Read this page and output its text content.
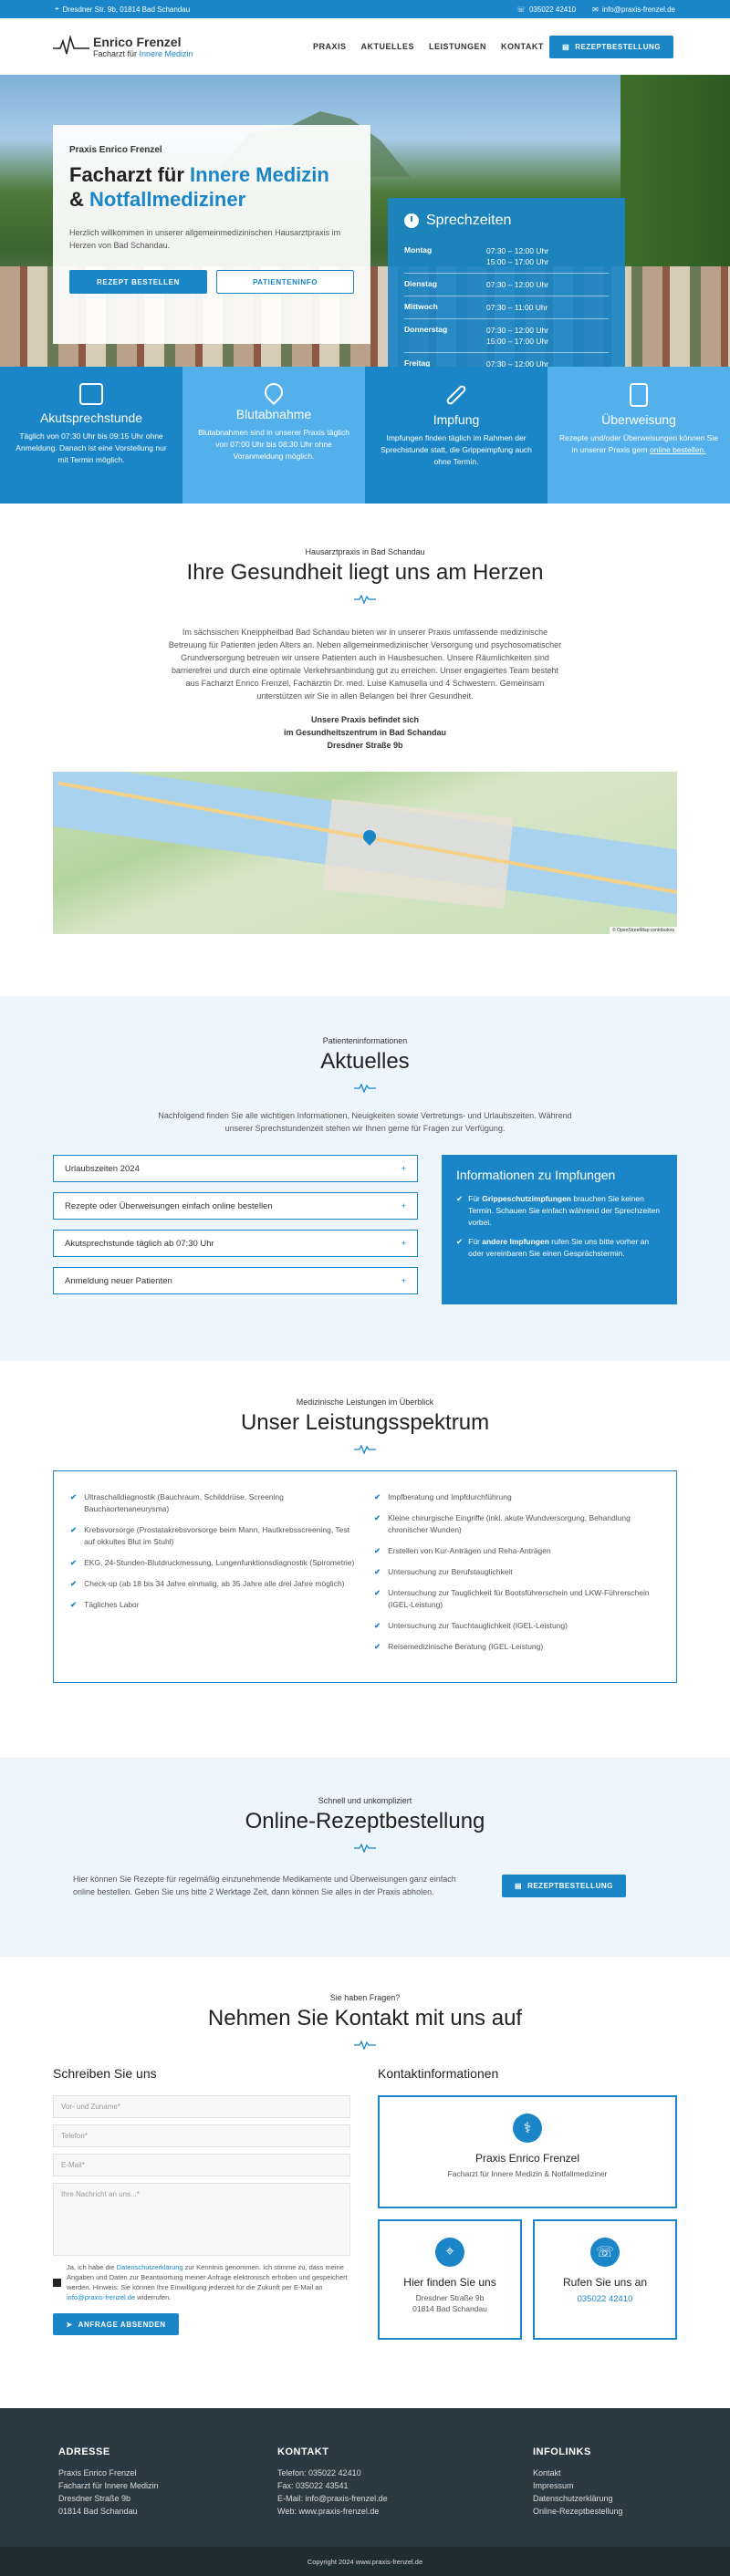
⌖ Dresdner Str. 9b, 01814 Bad Schandau	☏ 035022 42410 ✉ info@praxis-frenzel.de
Enrico Frenzel
Facharzt für Innere Medizin
PRAXIS AKTUELLES LEISTUNGEN KONTAKT	▤ REZEPTBESTELLUNG
Praxis Enrico Frenzel
Facharzt für Innere Medizin
& Notfallmediziner

Herzlich willkommen in unserer allgemeinmedizinischen Hausarztpraxis im Herzen von Bad Schandau.

REZEPT BESTELLEN	PATIENTENINFO
Sprechzeiten
Montag	07:30 – 12:00 Uhr
15:00 – 17:00 Uhr
Dienstag	07:30 – 12:00 Uhr
Mittwoch	07:30 – 11:00 Uhr
Donnerstag	07:30 – 12:00 Uhr
15:00 – 17:00 Uhr
Freitag	07:30 – 12:00 Uhr
Akutsprechstunde

Täglich von 07:30 Uhr bis 09:15 Uhr ohne Anmeldung. Danach ist eine Vorstellung nur mit Termin möglich.

Blutabnahme

Blutabnahmen sind in unserer Praxis täglich von 07:00 Uhr bis 08:30 Uhr ohne Voranmeldung möglich.

Impfung

Impfungen finden täglich im Rahmen der Sprechstunde statt, die Grippeimpfung auch ohne Termin.

Überweisung

Rezepte und/oder Überweisungen können Sie in unserer Praxis gern online bestellen.

Hausarztpraxis in Bad Schandau
Ihre Gesundheit liegt uns am Herzen

Im sächsischen Kneippheilbad Bad Schandau bieten wir in unserer Praxis umfassende medizinische Betreuung für Patienten jeden Alters an. Neben allgemeinmedizinischer Versorgung und psychosomatischer Grundversorgung betreuen wir unsere Patienten auch in Hausbesuchen. Unsere Räumlichkeiten sind barrierefrei und durch eine optimale Verkehrsanbindung gut zu erreichen. Unser engagiertes Team besteht aus Facharzt Enrico Frenzel, Fachärztin Dr. med. Luise Kamusella und 4 Schwestern. Gemeinsam unterstützen wir Sie in allen Belangen bei Ihrer Gesundheit.

Unsere Praxis befindet sich
im Gesundheitszentrum in Bad Schandau
Dresdner Straße 9b

© OpenStreetMap contributors
Patienteninformationen
Aktuelles

Nachfolgend finden Sie alle wichtigen Informationen, Neuigkeiten sowie Vertretungs- und Urlaubszeiten. Während unserer Sprechstundenzeit stehen wir Ihnen gerne für Fragen zur Verfügung.

Urlaubszeiten 2024	+
Rezepte oder Überweisungen einfach online bestellen	+
Akutsprechstunde täglich ab 07:30 Uhr	+
Anmeldung neuer Patienten	+
Informationen zu Impfungen
✔ Für Grippeschutzimpfungen brauchen Sie keinen Termin. Schauen Sie einfach während der Sprechzeiten vorbei.
✔ Für andere Impfungen rufen Sie uns bitte vorher an oder vereinbaren Sie einen Gesprächstermin.
Medizinische Leistungen im Überblick
Unser Leistungsspektrum
✔ Ultraschalldiagnostik (Bauchraum, Schilddrüse, Screening Bauchaortenaneurysma)
✔ Krebsvorsorge (Prostatakrebsvorsorge beim Mann, Hautkrebsscreening, Test auf okkultes Blut im Stuhl)
✔ EKG, 24-Stunden-Blutdruckmessung, Lungenfunktionsdiagnostik (Spirometrie)
✔ Check-up (ab 18 bis 34 Jahre einmalig, ab 35 Jahre alle drei Jahre möglich)
✔ Tägliches Labor
✔ Impfberatung und Impfdurchführung
✔ Kleine chirurgische Eingriffe (inkl. akute Wundversorgung, Behandlung chronischer Wunden)
✔ Erstellen von Kur-Anträgen und Reha-Anträgen
✔ Untersuchung zur Berufstauglichkeit
✔ Untersuchung zur Tauglichkeit für Bootsführerschein und LKW-Führerschein (IGEL-Leistung)
✔ Untersuchung zur Tauchtauglichkeit (IGEL-Leistung)
✔ Reisemedizinische Beratung (IGEL-Leistung)
Schnell und unkompliziert
Online-Rezeptbestellung

Hier können Sie Rezepte für regelmäßig einzunehmende Medikamente und Überweisungen ganz einfach online bestellen. Geben Sie uns bitte 2 Werktage Zeit, dann können Sie alles in der Praxis abholen.

▤ REZEPTBESTELLUNG
Sie haben Fragen?
Nehmen Sie Kontakt mit uns auf
Schreiben Sie uns
Vor- und Zuname*
Telefon*
E-Mail*
Ihre Nachricht an uns...*
Ja, ich habe die Datenschutzerklärung zur Kenntnis genommen. Ich stimme zu, dass meine Angaben und Daten zur Beantwortung meiner Anfrage elektronisch erhoben und gespeichert werden. Hinweis: Sie können Ihre Einwilligung jederzeit für die Zukunft per E-Mail an info@praxis-frenzel.de widerrufen.
➤ ANFRAGE ABSENDEN
Kontaktinformationen
⚕
Praxis Enrico Frenzel
Facharzt für Innere Medizin & Notfallmediziner
⌖
Hier finden Sie uns
Dresdner Straße 9b
01814 Bad Schandau
☏
Rufen Sie uns an
035022 42410
ADRESSE
Praxis Enrico Frenzel
Facharzt für Innere Medizin
Dresdner Straße 9b
01814 Bad Schandau
KONTAKT
Telefon: 035022 42410
Fax: 035022 43541
E-Mail: info@praxis-frenzel.de
Web: www.praxis-frenzel.de
INFOLINKS
Kontakt
Impressum
Datenschutzerklärung
Online-Rezeptbestellung
Copyright 2024 www.praxis-frenzel.de
